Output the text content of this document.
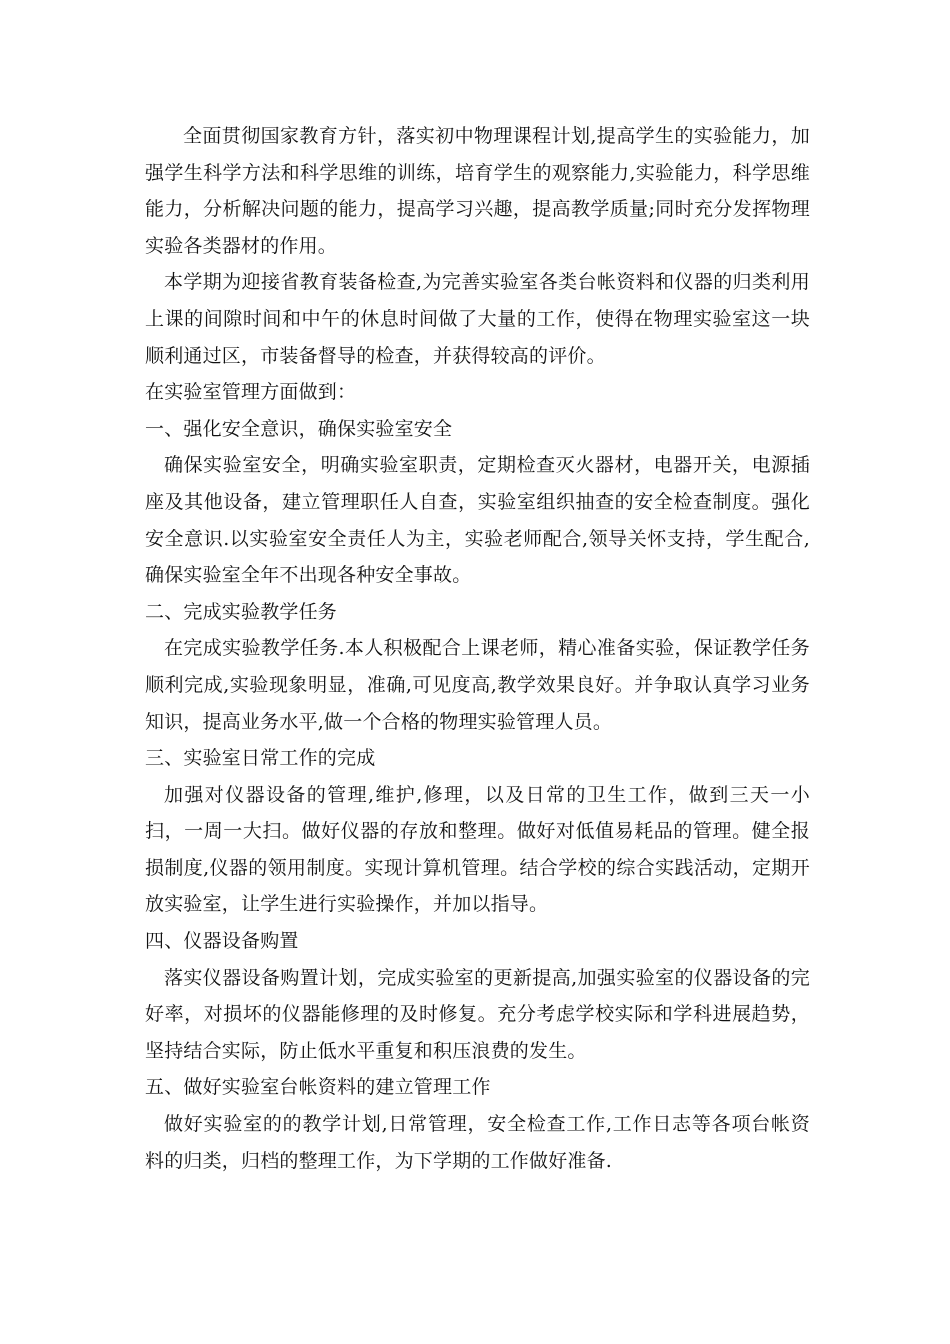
全面贯彻国家教育方针，落实初中物理课程计划,提高学生的实验能力，加强学生科学方法和科学思维的训练，培育学生的观察能力,实验能力，科学思维能力，分析解决问题的能力，提高学习兴趣，提高教学质量;同时充分发挥物理实验各类器材的作用。

本学期为迎接省教育装备检查,为完善实验室各类台帐资料和仪器的归类利用上课的间隙时间和中午的休息时间做了大量的工作，使得在物理实验室这一块顺利通过区，市装备督导的检查，并获得较高的评价。

在实验室管理方面做到：

一、强化安全意识，确保实验室安全

确保实验室安全，明确实验室职责，定期检查灭火器材，电器开关，电源插座及其他设备，建立管理职任人自查，实验室组织抽查的安全检查制度。强化安全意识.以实验室安全责任人为主，实验老师配合,领导关怀支持，学生配合,确保实验室全年不出现各种安全事故。

二、完成实验教学任务

在完成实验教学任务.本人积极配合上课老师，精心准备实验，保证教学任务顺利完成,实验现象明显，准确,可见度高,教学效果良好。并争取认真学习业务知识，提高业务水平,做一个合格的物理实验管理人员。

三、实验室日常工作的完成

加强对仪器设备的管理,维护,修理，以及日常的卫生工作，做到三天一小扫，一周一大扫。做好仪器的存放和整理。做好对低值易耗品的管理。健全报损制度,仪器的领用制度。实现计算机管理。结合学校的综合实践活动，定期开放实验室，让学生进行实验操作，并加以指导。

四、仪器设备购置

落实仪器设备购置计划，完成实验室的更新提高,加强实验室的仪器设备的完好率，对损坏的仪器能修理的及时修复。充分考虑学校实际和学科进展趋势，坚持结合实际，防止低水平重复和积压浪费的发生。

五、做好实验室台帐资料的建立管理工作

做好实验室的的教学计划,日常管理，安全检查工作,工作日志等各项台帐资料的归类，归档的整理工作，为下学期的工作做好准备.
